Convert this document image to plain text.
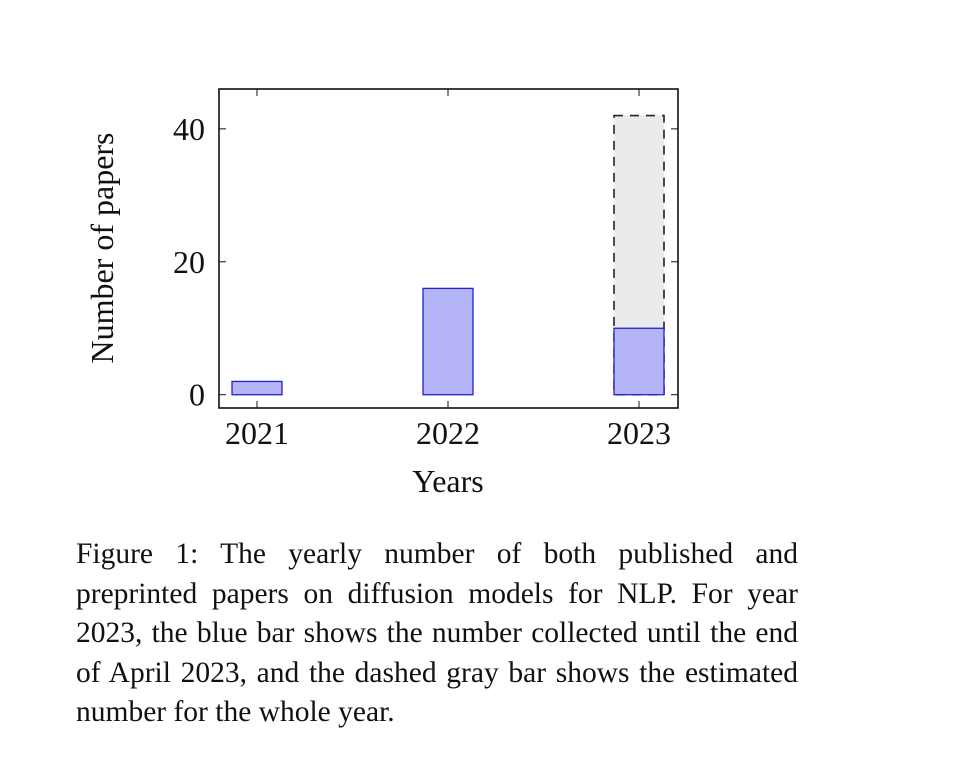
2021	2022	2023
0
20
40
Years
Number of papers

Figure 1: The yearly number of both published and preprinted papers on diffusion models for NLP. For year 2023, the blue bar shows the number collected until the end of April 2023, and the dashed gray bar shows the estimated number for the whole year.
